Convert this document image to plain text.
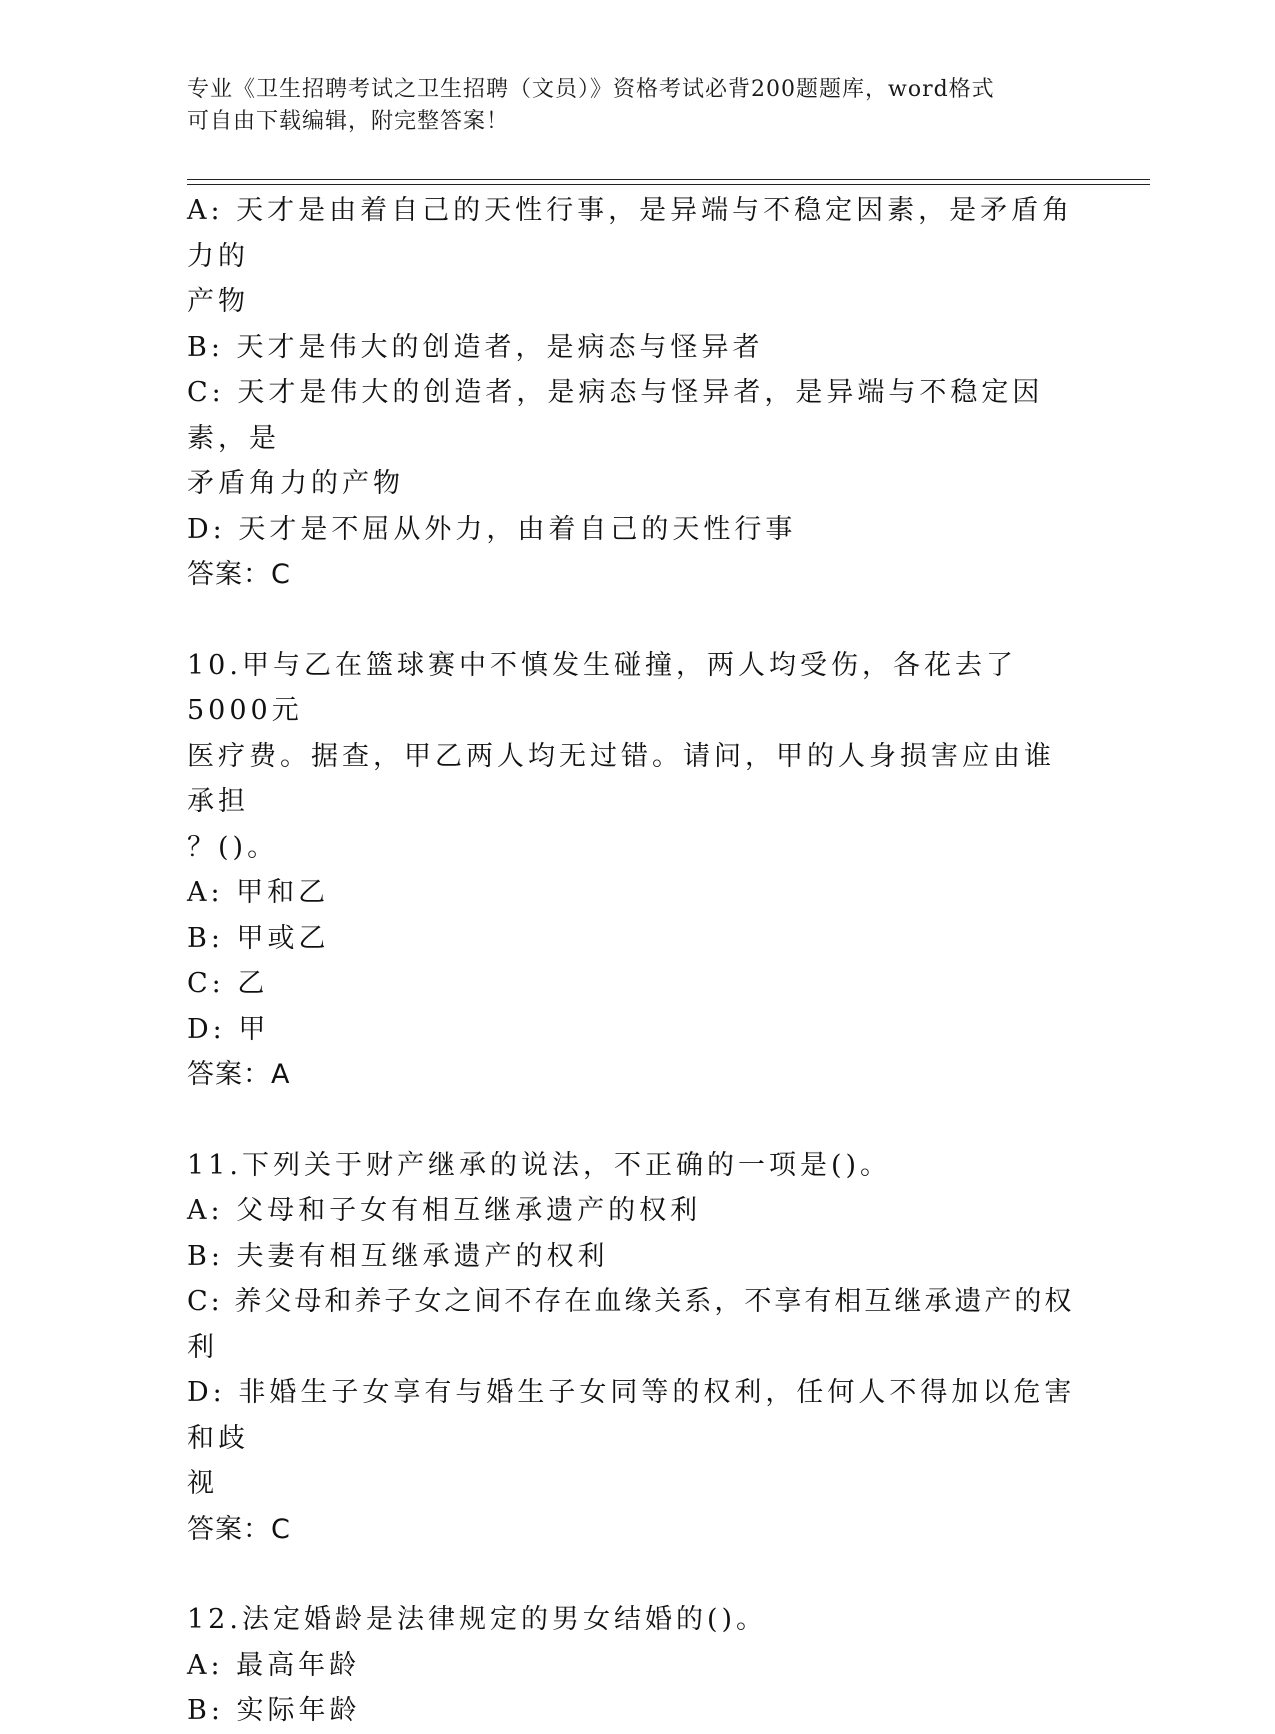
专业《卫生招聘考试之卫生招聘（文员）》资格考试必背200题题库，word格式
可自由下载编辑，附完整答案！
A: 天才是由着自己的天性行事，是异端与不稳定因素，是矛盾角力的
产物
B: 天才是伟大的创造者，是病态与怪异者
C: 天才是伟大的创造者，是病态与怪异者，是异端与不稳定因素，是
矛盾角力的产物
D: 天才是不屈从外力，由着自己的天性行事
答案：C
10.甲与乙在篮球赛中不慎发生碰撞，两人均受伤，各花去了5000元
医疗费。据查，甲乙两人均无过错。请问，甲的人身损害应由谁承担
？()。
A: 甲和乙
B: 甲或乙
C: 乙
D: 甲
答案：A
11.下列关于财产继承的说法，不正确的一项是()。
A: 父母和子女有相互继承遗产的权利
B: 夫妻有相互继承遗产的权利
C: 养父母和养子女之间不存在血缘关系，不享有相互继承遗产的权利
D: 非婚生子女享有与婚生子女同等的权利，任何人不得加以危害和歧
视
答案：C
12.法定婚龄是法律规定的男女结婚的()。
A: 最高年龄
B: 实际年龄
